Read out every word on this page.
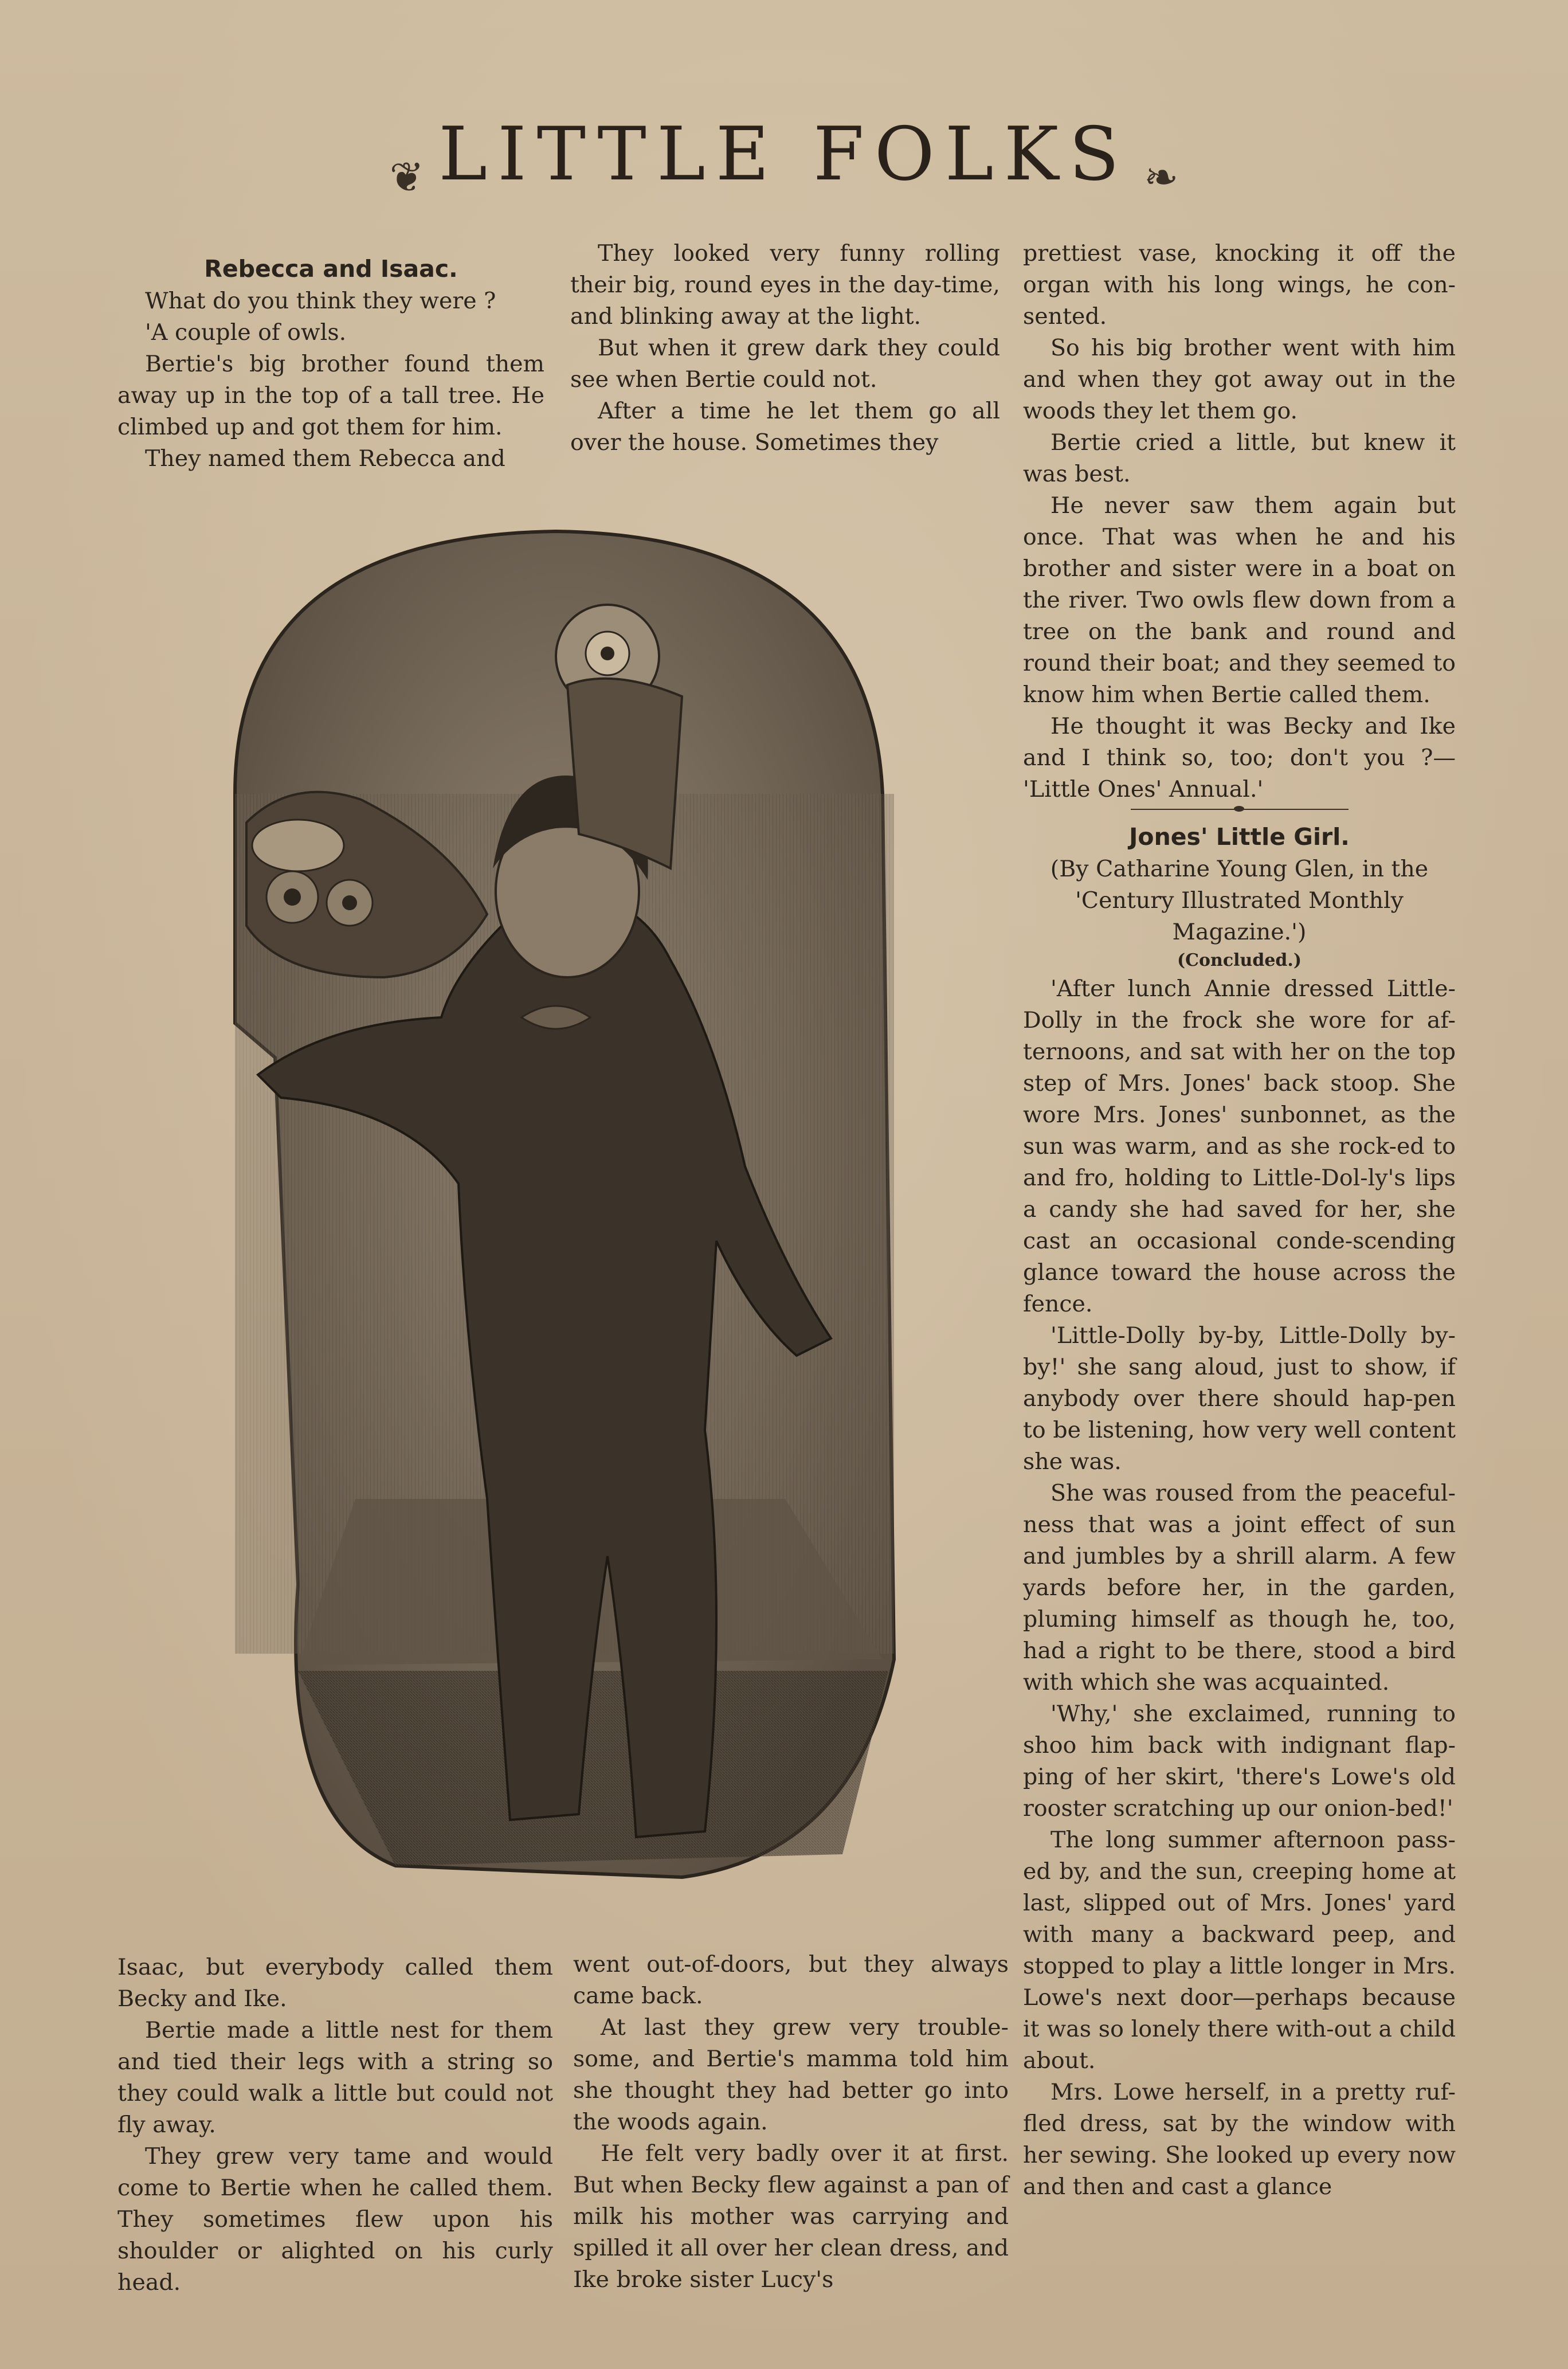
❦ LITTLE FOLKS ❧
Rebecca and Isaac.

What do you think they were ?

'A couple of owls.

Bertie's big brother found them away up in the top of a tall tree. He climbed up and got them for him.

They named them Rebecca and

They looked very funny rolling their big, round eyes in the day-time, and blinking away at the light.

But when it grew dark they could see when Bertie could not.

After a time he let them go all over the house. Sometimes they

Isaac, but everybody called them Becky and Ike.

Bertie made a little nest for them and tied their legs with a string so they could walk a little but could not fly away.

They grew very tame and would come to Bertie when he called them. They sometimes flew upon his shoulder or alighted on his curly head.

went out-of-doors, but they always came back.

At last they grew very trouble-some, and Bertie's mamma told him she thought they had better go into the woods again.

He felt very badly over it at first. But when Becky flew against a pan of milk his mother was carrying and spilled it all over her clean dress, and Ike broke sister Lucy's

prettiest vase, knocking it off the organ with his long wings, he con-sented.

So his big brother went with him and when they got away out in the woods they let them go.

Bertie cried a little, but knew it was best.

He never saw them again but once. That was when he and his brother and sister were in a boat on the river. Two owls flew down from a tree on the bank and round and round their boat; and they seemed to know him when Bertie called them.

He thought it was Becky and Ike and I think so, too; don't you ?— 'Little Ones' Annual.'

Jones' Little Girl.

(By Catharine Young Glen, in the 'Century Illustrated Monthly Magazine.')

(Concluded.)

'After lunch Annie dressed Little-Dolly in the frock she wore for af-ternoons, and sat with her on the top step of Mrs. Jones' back stoop. She wore Mrs. Jones' sunbonnet, as the sun was warm, and as she rock-ed to and fro, holding to Little-Dol-ly's lips a candy she had saved for her, she cast an occasional conde-scending glance toward the house across the fence.

'Little-Dolly by-by, Little-Dolly by-by!' she sang aloud, just to show, if anybody over there should hap-pen to be listening, how very well content she was.

She was roused from the peaceful-ness that was a joint effect of sun and jumbles by a shrill alarm. A few yards before her, in the garden, pluming himself as though he, too, had a right to be there, stood a bird with which she was acquainted.

'Why,' she exclaimed, running to shoo him back with indignant flap-ping of her skirt, 'there's Lowe's old rooster scratching up our onion-bed!'

The long summer afternoon pass-ed by, and the sun, creeping home at last, slipped out of Mrs. Jones' yard with many a backward peep, and stopped to play a little longer in Mrs. Lowe's next door—perhaps because it was so lonely there with-out a child about.

Mrs. Lowe herself, in a pretty ruf-fled dress, sat by the window with her sewing. She looked up every now and then and cast a glance
